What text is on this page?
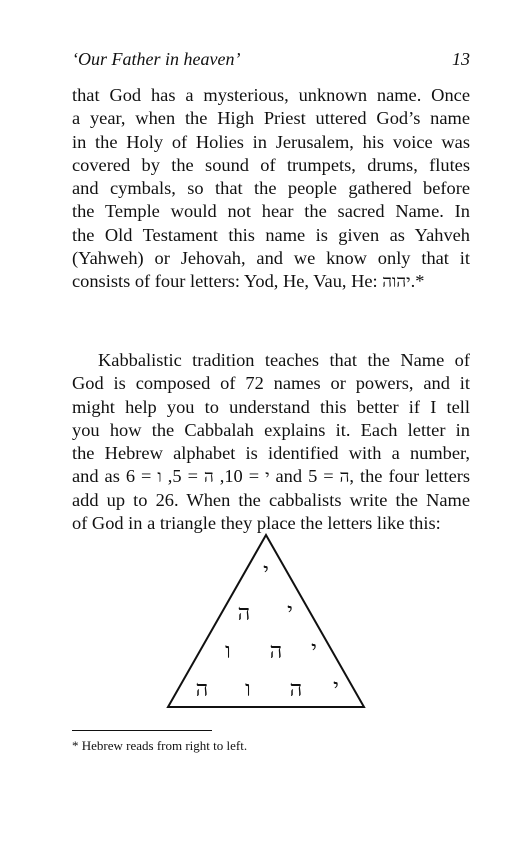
‘Our Father in heaven’	13
that God has a mysterious, unknown name. Once
a year, when the High Priest uttered God’s name
in the Holy of Holies in Jerusalem, his voice was
covered by the sound of trumpets, drums, flutes
and cymbals, so that the people gathered before
the Temple would not hear the sacred Name. In
the Old Testament this name is given as Yahveh
(Yahweh) or Jehovah, and we know only that it
consists of four letters: Yod, He, Vau, He: יהוה.*
Kabbalistic tradition teaches that the Name of
God is composed of 72 names or powers, and it
might help you to understand this better if I tell
you how the Cabbalah explains it. Each letter in
the Hebrew alphabet is identified with a number,
and as	י = 10, ה = 5, ו = 6 and ה = 5, the four letters
add up to 26. When the cabbalists write the Name
of God in a triangle they place the letters like this:
י
ה	י
ו	ה	י
ה	ו	ה	י
* Hebrew reads from right to left.
